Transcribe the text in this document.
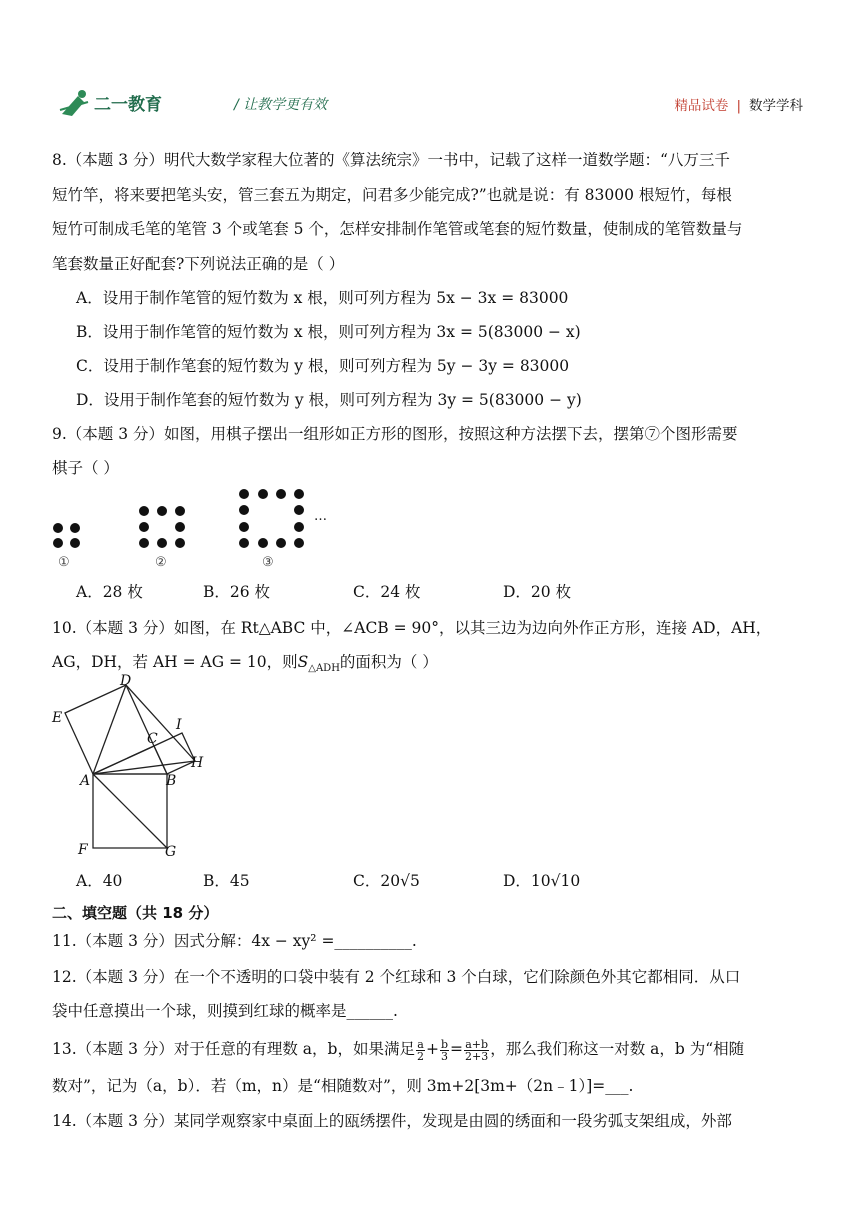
二一教育	/ 让教学更有效	精品试卷 | 数学学科
8.（本题 3 分）明代大数学家程大位著的《算法统宗》一书中，记载了这样一道数学题：“八万三千
短竹竿，将来要把笔头安，管三套五为期定，问君多少能完成?”也就是说：有 83000 根短竹，每根
短竹可制成毛笔的笔管 3 个或笔套 5 个，怎样安排制作笔管或笔套的短竹数量，使制成的笔管数量与
笔套数量正好配套?下列说法正确的是（ ）
A．设用于制作笔管的短竹数为 x 根，则可列方程为 5x − 3x = 83000
B．设用于制作笔管的短竹数为 x 根，则可列方程为 3x = 5(83000 − x)
C．设用于制作笔套的短竹数为 y 根，则可列方程为 5y − 3y = 83000
D．设用于制作笔套的短竹数为 y 根，则可列方程为 3y = 5(83000 − y)
9.（本题 3 分）如图，用棋子摆出一组形如正方形的图形，按照这种方法摆下去，摆第⑦个图形需要
棋子（ ）
①	②	③
…
A．28 枚	B．26 枚	C．24 枚	D．20 枚
10.（本题 3 分）如图，在 Rt△ABC 中，∠ACB = 90°，以其三边为边向外作正方形，连接 AD，AH，
AG，DH，若 AH = AG = 10，则$S_{\triangle ADH}$的面积为（ ）
D
E	I
C
H
A	B
F	G
A．40	B．45	C．20√5	D．10√10
二、填空题（共 18 分）
11.（本题 3 分）因式分解：4x − xy² =__________.
12.（本题 3 分）在一个不透明的口袋中装有 2 个红球和 3 个白球，它们除颜色外其它都相同．从口
袋中任意摸出一个球，则摸到红球的概率是______.
13.（本题 3 分）对于任意的有理数 a，b，如果满足 $\frac{a}{2} + \frac{b}{3} = \frac{a+b}{2+3}$ ，那么我们称这一对数 a，b 为“相随
数对”，记为（a，b）．若（m，n）是“相随数对”，则 3m+2[3m+（2n﹣1）]=___.
14.（本题 3 分）某同学观察家中桌面上的瓯绣摆件，发现是由圆的绣面和一段劣弧支架组成，外部
